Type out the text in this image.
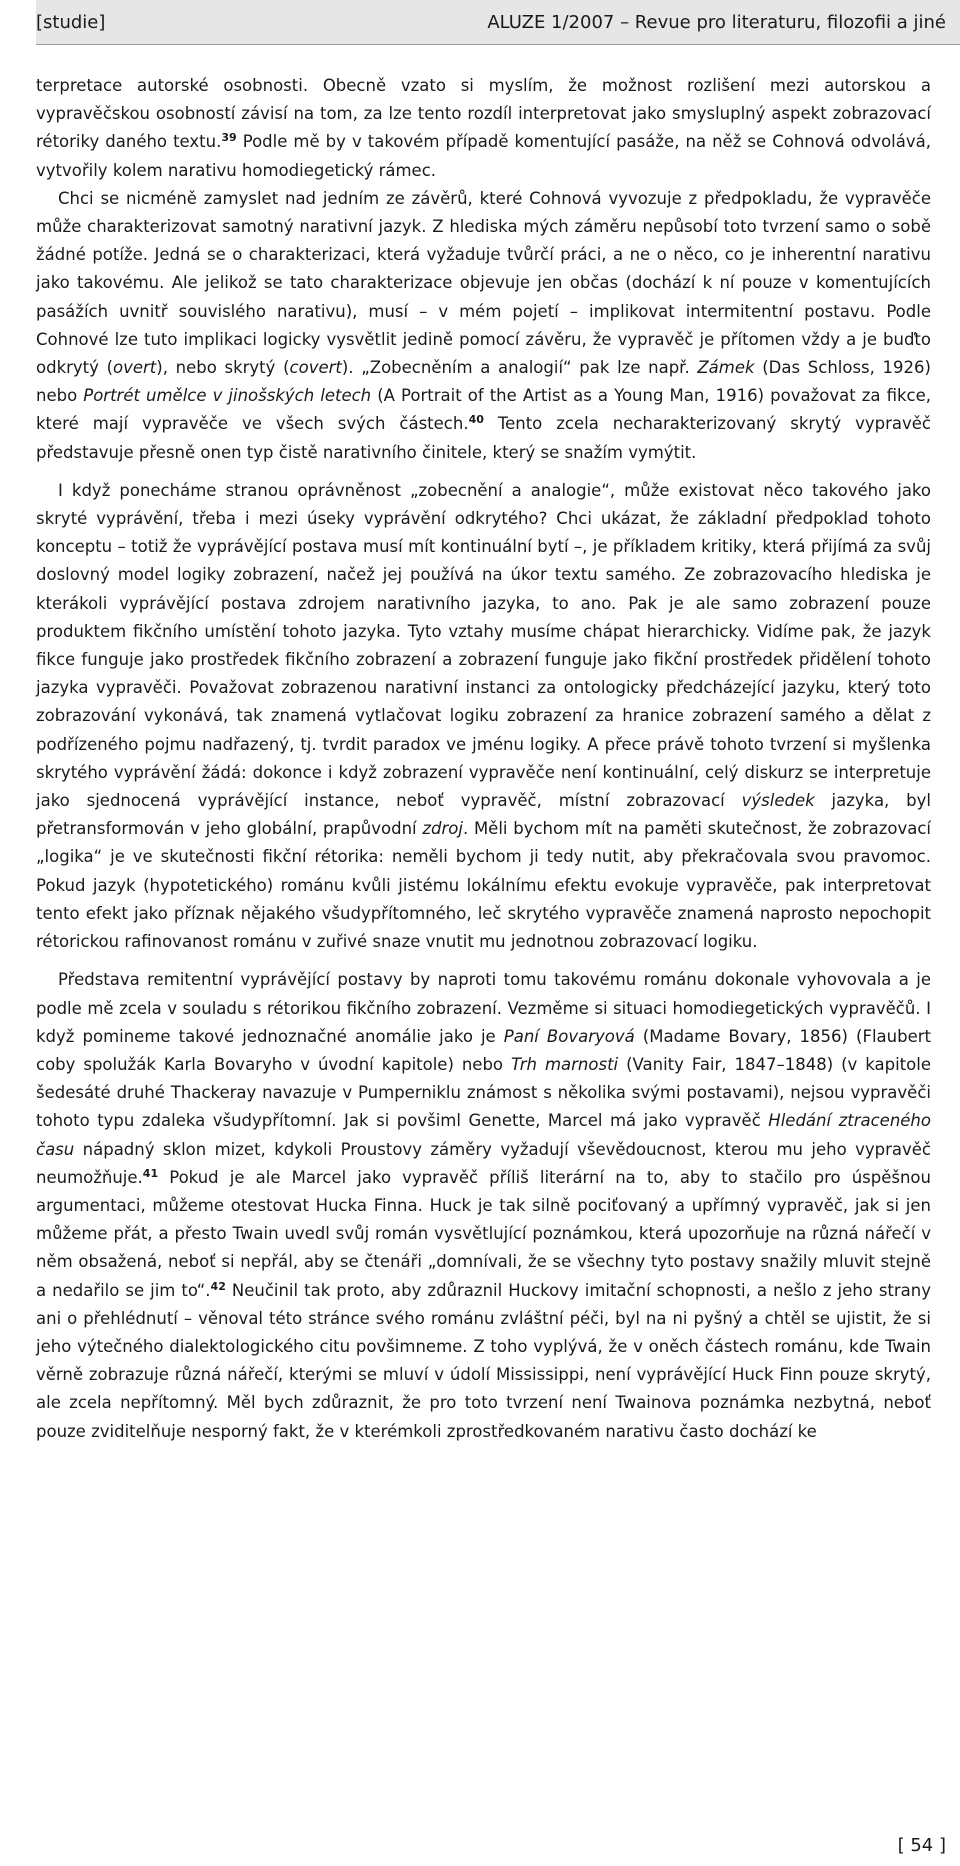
[studie]	ALUZE 1/2007 – Revue pro literaturu, filozofii a jiné

terpretace autorské osobnosti. Obecně vzato si myslím, že možnost rozlišení mezi autorskou a vypravěčskou osobností závisí na tom, za lze tento rozdíl interpretovat jako smysluplný aspekt zobrazovací rétoriky daného textu.$^{39}$ Podle mě by v takovém případě komentující pasáže, na něž se Cohnová odvolává, vytvořily kolem narativu homodiegetický rámec.

Chci se nicméně zamyslet nad jedním ze závěrů, které Cohnová vyvozuje z předpokladu, že vypravěče může charakterizovat samotný narativní jazyk. Z hlediska mých záměru nepůsobí toto tvrzení samo o sobě žádné potíže. Jedná se o charakterizaci, která vyžaduje tvůrčí práci, a ne o něco, co je inherentní narativu jako takovému. Ale jelikož se tato charakterizace objevuje jen občas (dochází k ní pouze v komentujících pasážích uvnitř souvislého narativu), musí – v mém pojetí – implikovat intermitentní postavu. Podle Cohnové lze tuto implikaci logicky vysvětlit jedině pomocí závěru, že vypravěč je přítomen vždy a je buďto odkrytý (overt), nebo skrytý (covert). „Zobecněním a analogií“ pak lze např. Zámek (Das Schloss, 1926) nebo Portrét umělce v jinošských letech (A Portrait of the Artist as a Young Man, 1916) považovat za fikce, které mají vypravěče ve všech svých částech.$^{40}$ Tento zcela necharakterizovaný skrytý vypravěč představuje přesně onen typ čistě narativního činitele, který se snažím vymýtit.

I když ponecháme stranou oprávněnost „zobecnění a analogie“, může existovat něco takového jako skryté vyprávění, třeba i mezi úseky vyprávění odkrytého? Chci ukázat, že základní předpoklad tohoto konceptu – totiž že vyprávějící postava musí mít kontinuální bytí –, je příkladem kritiky, která přijímá za svůj doslovný model logiky zobrazení, načež jej používá na úkor textu samého. Ze zobrazovacího hlediska je kterákoli vyprávějící postava zdrojem narativního jazyka, to ano. Pak je ale samo zobrazení pouze produktem fikčního umístění tohoto jazyka. Tyto vztahy musíme chápat hierarchicky. Vidíme pak, že jazyk fikce funguje jako prostředek fikčního zobrazení a zobrazení funguje jako fikční prostředek přidělení tohoto jazyka vypravěči. Považovat zobrazenou narativní instanci za ontologicky předcházející jazyku, který toto zobrazování vykonává, tak znamená vytlačovat logiku zobrazení za hranice zobrazení samého a dělat z podřízeného pojmu nadřazený, tj. tvrdit paradox ve jménu logiky. A přece právě tohoto tvrzení si myšlenka skrytého vyprávění žádá: dokonce i když zobrazení vypravěče není kontinuální, celý diskurz se interpretuje jako sjednocená vyprávějící instance, neboť vypravěč, místní zobrazovací výsledek jazyka, byl přetransformován v jeho globální, prapůvodní zdroj. Měli bychom mít na paměti skutečnost, že zobrazovací „logika“ je ve skutečnosti fikční rétorika: neměli bychom ji tedy nutit, aby překračovala svou pravomoc. Pokud jazyk (hypotetického) románu kvůli jistému lokálnímu efektu evokuje vypravěče, pak interpretovat tento efekt jako příznak nějakého všudypřítomného, leč skrytého vypravěče znamená naprosto nepochopit rétorickou rafinovanost románu v zuřivé snaze vnutit mu jednotnou zobrazovací logiku.

Představa remitentní vyprávějící postavy by naproti tomu takovému románu dokonale vyhovovala a je podle mě zcela v souladu s rétorikou fikčního zobrazení. Vezměme si situaci homodiegetických vypravěčů. I když pomineme takové jednoznačné anomálie jako je Paní Bovaryová (Madame Bovary, 1856) (Flaubert coby spolužák Karla Bovaryho v úvodní kapitole) nebo Trh marnosti (Vanity Fair, 1847–1848) (v kapitole šedesáté druhé Thackeray navazuje v Pumperniklu známost s několika svými postavami), nejsou vypravěči tohoto typu zdaleka všudypřítomní. Jak si povšiml Genette, Marcel má jako vypravěč Hledání ztraceného času nápadný sklon mizet, kdykoli Proustovy záměry vyžadují vševědoucnost, kterou mu jeho vypravěč neumožňuje.$^{41}$ Pokud je ale Marcel jako vypravěč příliš literární na to, aby to stačilo pro úspěšnou argumentaci, můžeme otestovat Hucka Finna. Huck je tak silně pociťovaný a upřímný vypravěč, jak si jen můžeme přát, a přesto Twain uvedl svůj román vysvětlující poznámkou, která upozorňuje na různá nářečí v něm obsažená, neboť si nepřál, aby se čtenáři „domnívali, že se všechny tyto postavy snažily mluvit stejně a nedařilo se jim to“.$^{42}$ Neučinil tak proto, aby zdůraznil Huckovy imitační schopnosti, a nešlo z jeho strany ani o přehlédnutí – věnoval této stránce svého románu zvláštní péči, byl na ni pyšný a chtěl se ujistit, že si jeho výtečného dialektologického citu povšimneme. Z toho vyplývá, že v oněch částech románu, kde Twain věrně zobrazuje různá nářečí, kterými se mluví v údolí Mississippi, není vyprávějící Huck Finn pouze skrytý, ale zcela nepřítomný. Měl bych zdůraznit, že pro toto tvrzení není Twainova poznámka nezbytná, neboť pouze zviditelňuje nesporný fakt, že v kterémkoli zprostředkovaném narativu často dochází ke

[ 54 ]
